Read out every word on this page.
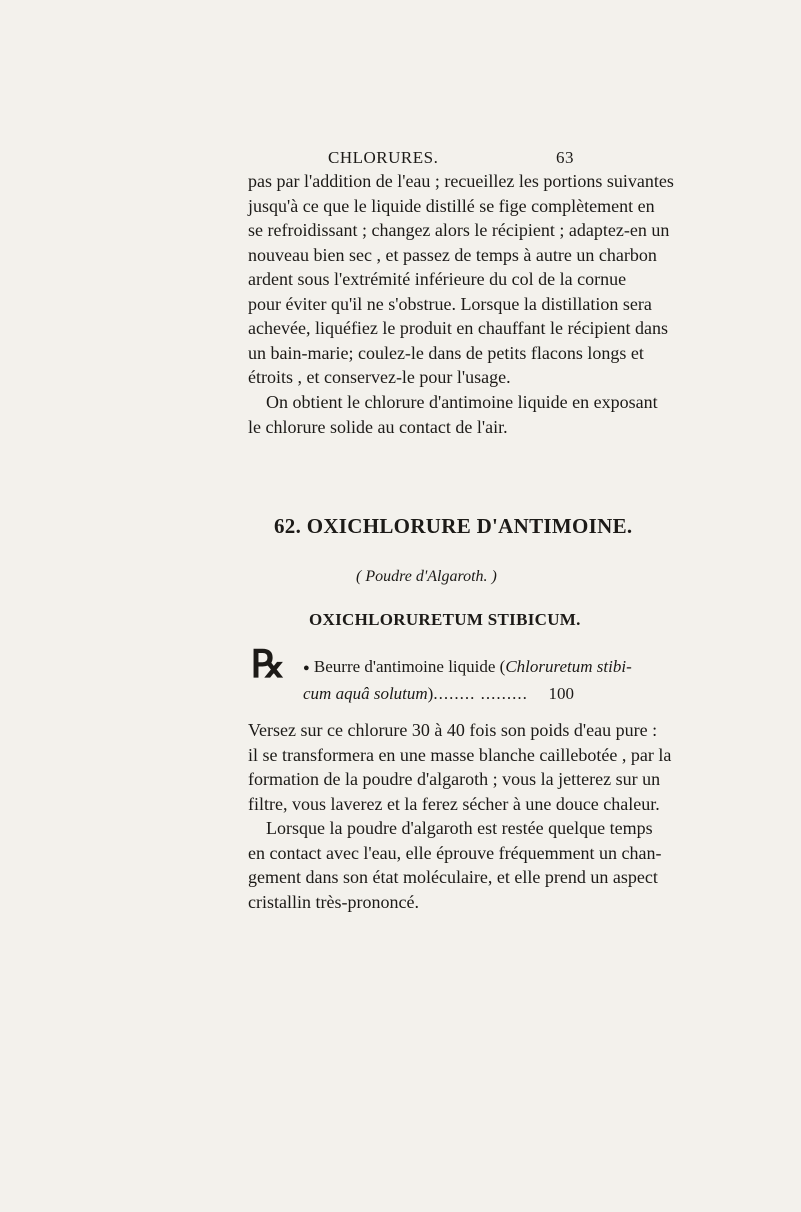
CHLORURES.	63
pas par l'addition de l'eau ; recueillez les portions suivantes
jusqu'à ce que le liquide distillé se fige complètement en
se refroidissant ; changez alors le récipient ; adaptez-en un
nouveau bien sec , et passez de temps à autre un charbon
ardent sous l'extrémité inférieure du col de la cornue
pour éviter qu'il ne s'obstrue. Lorsque la distillation sera
achevée, liquéfiez le produit en chauffant le récipient dans
un bain-marie; coulez-le dans de petits flacons longs et
étroits , et conservez-le pour l'usage.
On obtient le chlorure d'antimoine liquide en exposant
le chlorure solide au contact de l'air.
62. OXICHLORURE D'ANTIMOINE.
( Poudre d'Algaroth. )
OXICHLORURETUM STIBICUM.
℞ ● Beurre d'antimoine liquide (Chloruretum stibi-
cum aquâ solutum)........ ......... 100
Versez sur ce chlorure 30 à 40 fois son poids d'eau pure :
il se transformera en une masse blanche caillebotée , par la
formation de la poudre d'algaroth ; vous la jetterez sur un
filtre, vous laverez et la ferez sécher à une douce chaleur.
Lorsque la poudre d'algaroth est restée quelque temps
en contact avec l'eau, elle éprouve fréquemment un chan-
gement dans son état moléculaire, et elle prend un aspect
cristallin très-prononcé.
